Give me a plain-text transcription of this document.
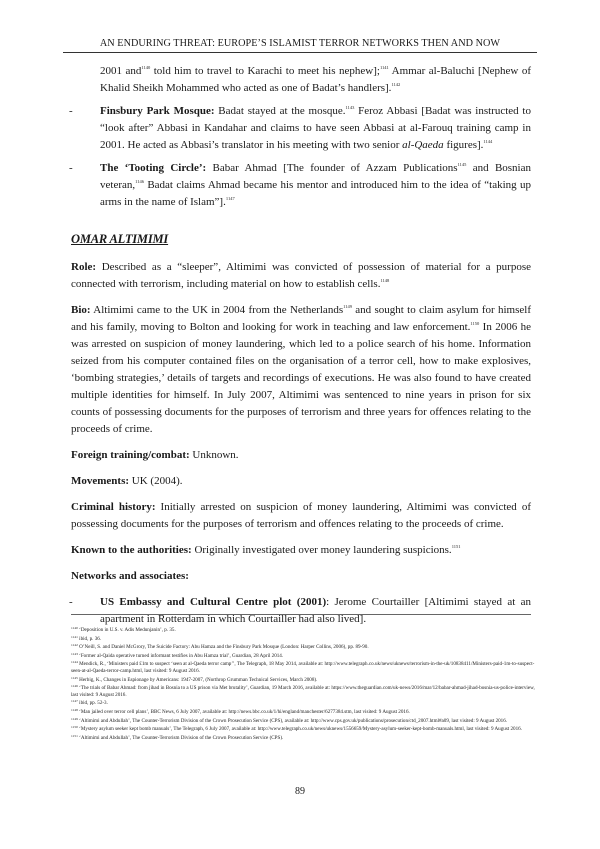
AN ENDURING THREAT: EUROPE’S ISLAMIST TERROR NETWORKS THEN AND NOW
2001 and$^{1140}$ told him to travel to Karachi to meet his nephew];$^{1141}$ Ammar al-Baluchi [Nephew of Khalid Sheikh Mohammed who acted as one of Badat’s handlers].$^{1142}$
- Finsbury Park Mosque: Badat stayed at the mosque.$^{1143}$ Feroz Abbasi [Badat was instructed to “look after” Abbasi in Kandahar and claims to have seen Abbasi at al-Farouq training camp in 2001. He acted as Abbasi’s translator in his meeting with two senior al-Qaeda figures].$^{1144}$
- The ‘Tooting Circle’: Babar Ahmad [The founder of Azzam Publications$^{1145}$ and Bosnian veteran,$^{1146}$ Badat claims Ahmad became his mentor and introduced him to the idea of “taking up arms in the name of Islam”].$^{1147}$
OMAR ALTIMIMI

Role: Described as a “sleeper”, Altimimi was convicted of possession of material for a purpose connected with terrorism, including material on how to establish cells.$^{1148}$

Bio: Altimimi came to the UK in 2004 from the Netherlands$^{1149}$ and sought to claim asylum for himself and his family, moving to Bolton and looking for work in teaching and law enforcement.$^{1150}$ In 2006 he was arrested on suspicion of money laundering, which led to a police search of his home. Information seized from his computer contained files on the organisation of a terror cell, how to make explosives, ‘bombing strategies,’ details of targets and recordings of executions. He was also found to have created multiple identities for himself. In July 2007, Altimimi was sentenced to nine years in prison for six counts of possessing documents for the purposes of terrorism and three years for offences relating to the proceeds of crime.

Foreign training/combat: Unknown.

Movements: UK (2004).

Criminal history: Initially arrested on suspicion of money laundering, Altimimi was convicted of possessing documents for the purposes of terrorism and offences relating to the proceeds of crime.

Known to the authorities: Originally investigated over money laundering suspicions.$^{1151}$

Networks and associates:

- US Embassy and Cultural Centre plot (2001): Jerome Courtailler [Altimimi stayed at an apartment in Rotterdam in which Courtailler had also lived].
$^{1140}$ ‘Deposition in U.S. v. Adis Medunjanin’, p. 35.
$^{1141}$ ibid, p. 36.
$^{1142}$ O’Neill, S. and Daniel McGrory, The Suicide Factory: Abu Hamza and the Finsbury Park Mosque (London: Harper Collins, 2006), pp. 89-90.
$^{1143}$ ‘Former al-Qaida operative turned informant testifies in Abu Hamza trial’, Guardian, 28 April 2014.
$^{1144}$ Mendick, R., ‘Ministers paid £1m to suspect ‘seen at al-Qaeda terror camp’’, The Telegraph, 18 May 2014, available at: http://www.telegraph.co.uk/news/uknews/terrorism-in-the-uk/10838411/Ministers-paid-1m-to-suspect-seen-at-al-Qaeda-terror-camp.html, last visited: 9 August 2016.
$^{1145}$ Herbig, K., Changes in Espionage by Americans: 1947-2007, (Northrop Grumman Technical Services, March 2008).
$^{1146}$ ‘The trials of Babar Ahmad: from jihad in Bosnia to a US prison via Met brutality’, Guardian, 19 March 2016, available at: https://www.theguardian.com/uk-news/2016/mar/12/babar-ahmad-jihad-bosnia-us-police-interview, last visited: 9 August 2016.
$^{1147}$ ibid, pp. 52-3.
$^{1148}$ ‘Man jailed over terror cell plans’, BBC News, 6 July 2007, available at: http://news.bbc.co.uk/1/hi/england/manchester/6277384.stm, last visited: 9 August 2016.
$^{1149}$ ‘Altimimi and Abdullah’, The Counter-Terrorism Division of the Crown Prosecution Service (CPS), available at: http://www.cps.gov.uk/publications/prosecution/ctd_2007.html#a09, last visited: 9 August 2016.
$^{1150}$ ‘Mystery asylum seeker kept bomb manuals’, The Telegraph, 6 July 2007, available at: http://www.telegraph.co.uk/news/uknews/1556659/Mystery-asylum-seeker-kept-bomb-manuals.html, last visited: 9 August 2016.
$^{1151}$ ‘Altimimi and Abdullah’, The Counter-Terrorism Division of the Crown Prosecution Service (CPS).
89
